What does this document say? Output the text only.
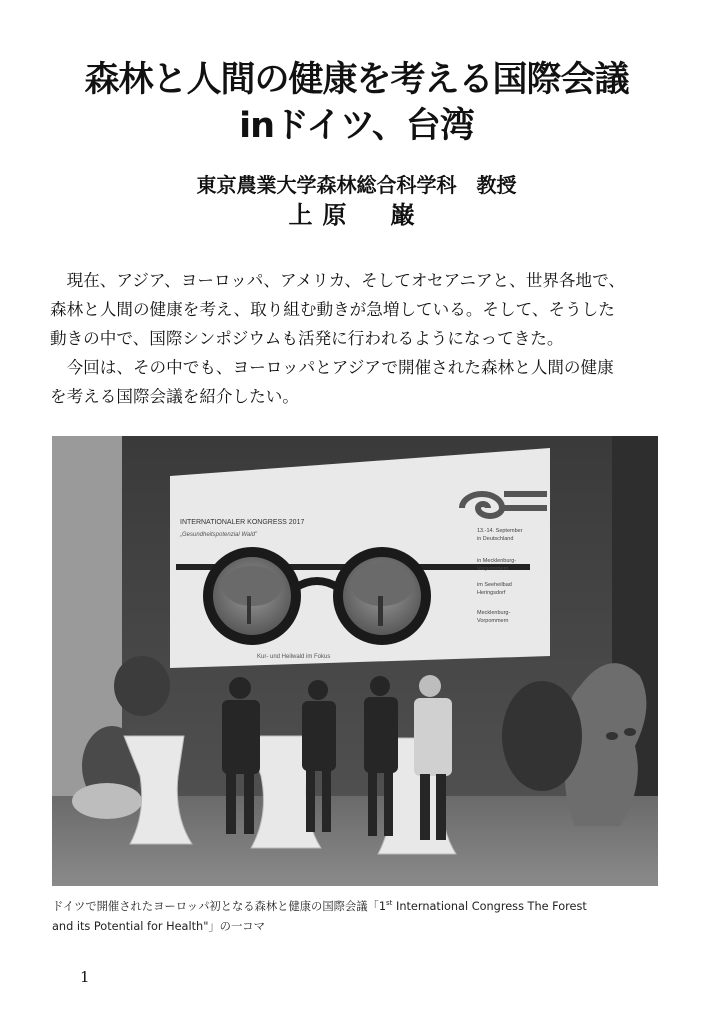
森林と人間の健康を考える国際会議
inドイツ、台湾
東京農業大学森林総合科学科　教授
上原　巌
現在、アジア、ヨーロッパ、アメリカ、そしてオセアニアと、世界各地で、
森林と人間の健康を考え、取り組む動きが急増している。そして、そうした
動きの中で、国際シンポジウムも活発に行われるようになってきた。
今回は、その中でも、ヨーロッパとアジアで開催された森林と人間の健康
を考える国際会議を紹介したい。
INTERNATIONALER KONGRESS 2017
„Gesundheitspotenzial Wald"
Kur- und Heilwald im Fokus
13.-14. September
in Deutschland
in Mecklenburg-
Vorpommern
im Seeheilbad
Heringsdorf
Mecklenburg-
Vorpommern
ドイツで開催されたヨーロッパ初となる森林と健康の国際会議「1st International Congress The Forest
and its Potential for Health"」の一コマ
1
